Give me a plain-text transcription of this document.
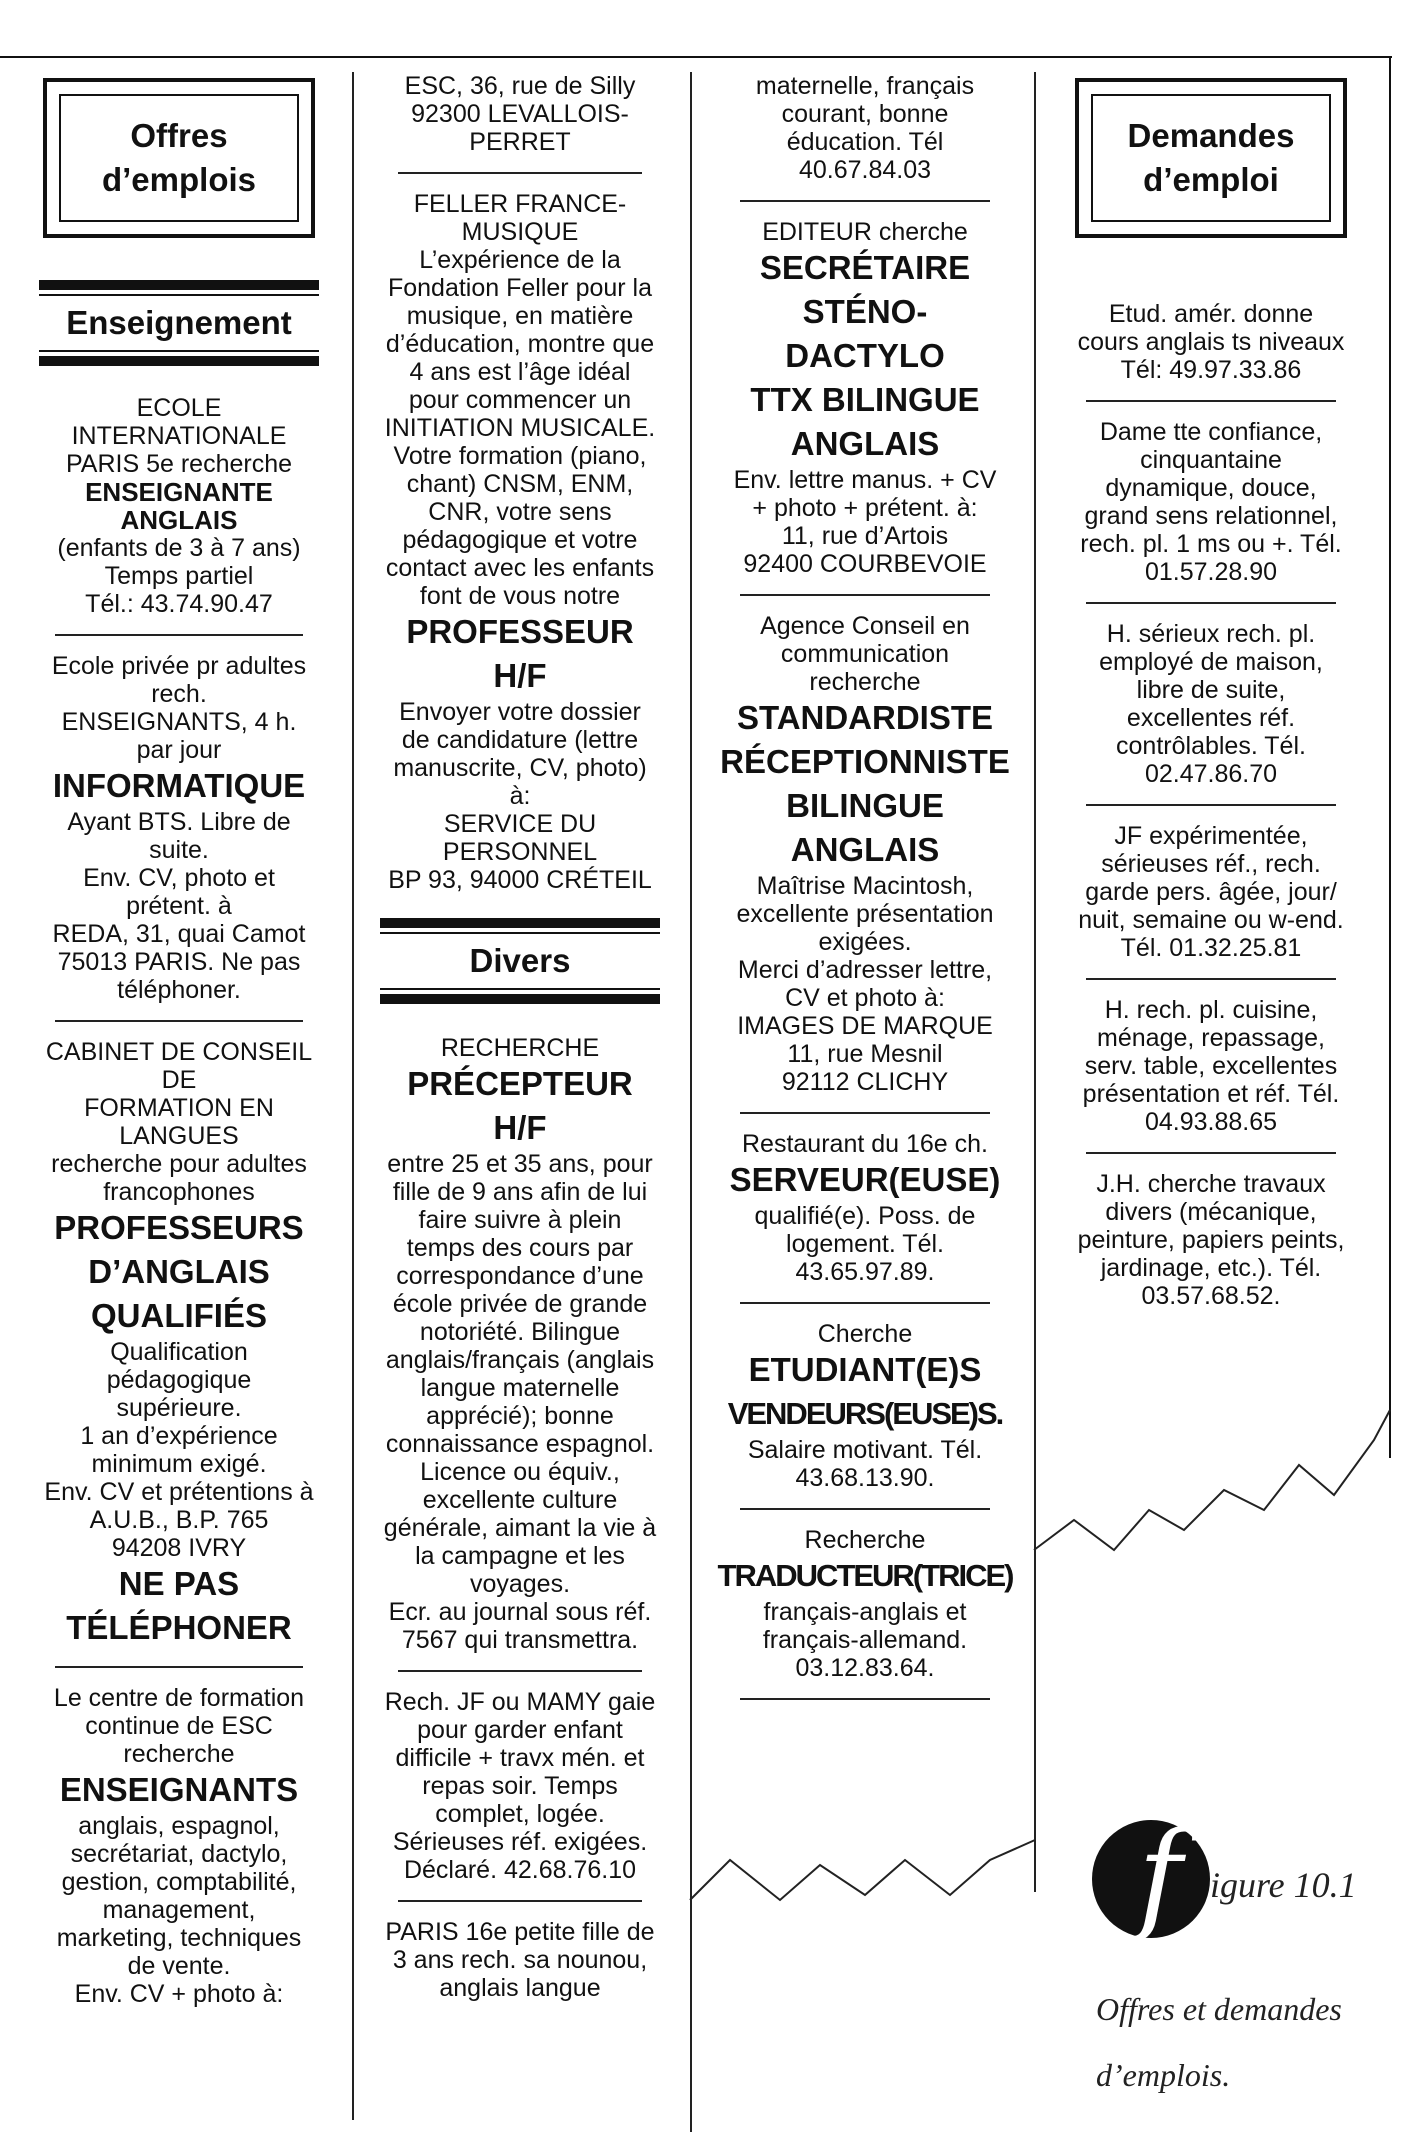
Offres
d’emplois
Enseignement

ECOLE
INTERNATIONALE
PARIS 5e recherche

ENSEIGNANTE
ANGLAIS

(enfants de 3 à 7 ans)
Temps partiel
Tél.: 43.74.90.47

Ecole privée pr adultes
rech.
ENSEIGNANTS, 4 h.
par jour

INFORMATIQUE

Ayant BTS. Libre de
suite.
Env. CV, photo et
prétent. à
REDA, 31, quai Camot
75013 PARIS. Ne pas
téléphoner.

CABINET DE CONSEIL
DE
FORMATION EN
LANGUES
recherche pour adultes
francophones

PROFESSEURS
D’ANGLAIS
QUALIFIÉS

Qualification
pédagogique
supérieure.
1 an d’expérience
minimum exigé.
Env. CV et prétentions à
A.U.B., B.P. 765
94208 IVRY

NE PAS
TÉLÉPHONER

Le centre de formation
continue de ESC
recherche

ENSEIGNANTS

anglais, espagnol,
secrétariat, dactylo,
gestion, comptabilité,
management,
marketing, techniques
de vente.
Env. CV + photo à:

ESC, 36, rue de Silly
92300 LEVALLOIS-
PERRET

FELLER FRANCE-
MUSIQUE
L’expérience de la
Fondation Feller pour la
musique, en matière
d’éducation, montre que
4 ans est l’âge idéal
pour commencer un
INITIATION MUSICALE.
Votre formation (piano,
chant) CNSM, ENM,
CNR, votre sens
pédagogique et votre
contact avec les enfants
font de vous notre

PROFESSEUR
H/F

Envoyer votre dossier
de candidature (lettre
manuscrite, CV, photo)
à:
SERVICE DU
PERSONNEL
BP 93, 94000 CRÉTEIL

Divers

RECHERCHE

PRÉCEPTEUR
H/F

entre 25 et 35 ans, pour
fille de 9 ans afin de lui
faire suivre à plein
temps des cours par
correspondance d’une
école privée de grande
notoriété. Bilingue
anglais/français (anglais
langue maternelle
apprécié); bonne
connaissance espagnol.
Licence ou équiv.,
excellente culture
générale, aimant la vie à
la campagne et les
voyages.
Ecr. au journal sous réf.
7567 qui transmettra.

Rech. JF ou MAMY gaie
pour garder enfant
difficile + travx mén. et
repas soir. Temps
complet, logée.
Sérieuses réf. exigées.
Déclaré. 42.68.76.10

PARIS 16e petite fille de
3 ans rech. sa nounou,
anglais langue

maternelle, français
courant, bonne
éducation. Tél
40.67.84.03

EDITEUR cherche

SECRÉTAIRE
STÉNO-
DACTYLO
TTX BILINGUE
ANGLAIS

Env. lettre manus. + CV
+ photo + prétent. à:
11, rue d’Artois
92400 COURBEVOIE

Agence Conseil en
communication
recherche

STANDARDISTE
RÉCEPTIONNISTE
BILINGUE
ANGLAIS

Maîtrise Macintosh,
excellente présentation
exigées.
Merci d’adresser lettre,
CV et photo à:
IMAGES DE MARQUE
11, rue Mesnil
92112 CLICHY

Restaurant du 16e ch.

SERVEUR(EUSE)

qualifié(e). Poss. de
logement. Tél.
43.65.97.89.

Cherche

ETUDIANT(E)S

VENDEURS(EUSE)S.

Salaire motivant. Tél.
43.68.13.90.

Recherche

TRADUCTEUR(TRICE)

français-anglais et
français-allemand.
03.12.83.64.

Demandes
d’emploi

Etud. amér. donne
cours anglais ts niveaux
Tél: 49.97.33.86

Dame tte confiance,
cinquantaine
dynamique, douce,
grand sens relationnel,
rech. pl. 1 ms ou +. Tél.
01.57.28.90

H. sérieux rech. pl.
employé de maison,
libre de suite,
excellentes réf.
contrôlables. Tél.
02.47.86.70

JF expérimentée,
sérieuses réf., rech.
garde pers. âgée, jour/
nuit, semaine ou w-end.
Tél. 01.32.25.81

H. rech. pl. cuisine,
ménage, repassage,
serv. table, excellentes
présentation et réf. Tél.
04.93.88.65

J.H. cherche travaux
divers (mécanique,
peinture, papiers peints,
jardinage, etc.). Tél.
03.57.68.52.

f igure 10.1
Offres et demandes
d’emplois.
